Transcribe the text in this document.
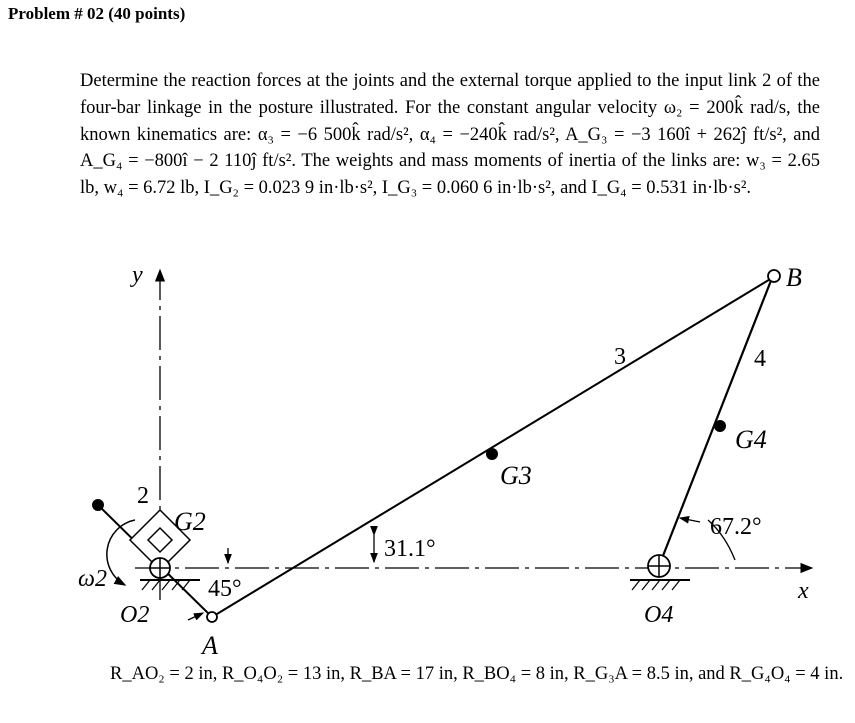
Problem # 02 (40 points)

Determine the reaction forces at the joints and the external torque applied to the input link 2 of the four-bar linkage in the posture illustrated. For the constant angular velocity ω₂ = 200k̂ rad/s, the known kinematics are: α₃ = −6 500k̂ rad/s², α₄ = −240k̂ rad/s², A_G₃ = −3 160î + 262ĵ ft/s², and A_G₄ = −800î − 2 110ĵ ft/s². The weights and mass moments of inertia of the links are: w₃ = 2.65 lb, w₄ = 6.72 lb, I_G₂ = 0.023 9 in·lb·s², I_G₃ = 0.060 6 in·lb·s², and I_G₄ = 0.531 in·lb·s².

y
x
B
3	4
G4
G3
2
G2
31.1°
67.2°
45°
ω2
O2	O4
A
R_AO₂ = 2 in, R_O₄O₂ = 13 in, R_BA = 17 in, R_BO₄ = 8 in, R_G₃A = 8.5 in, and R_G₄O₄ = 4 in.
